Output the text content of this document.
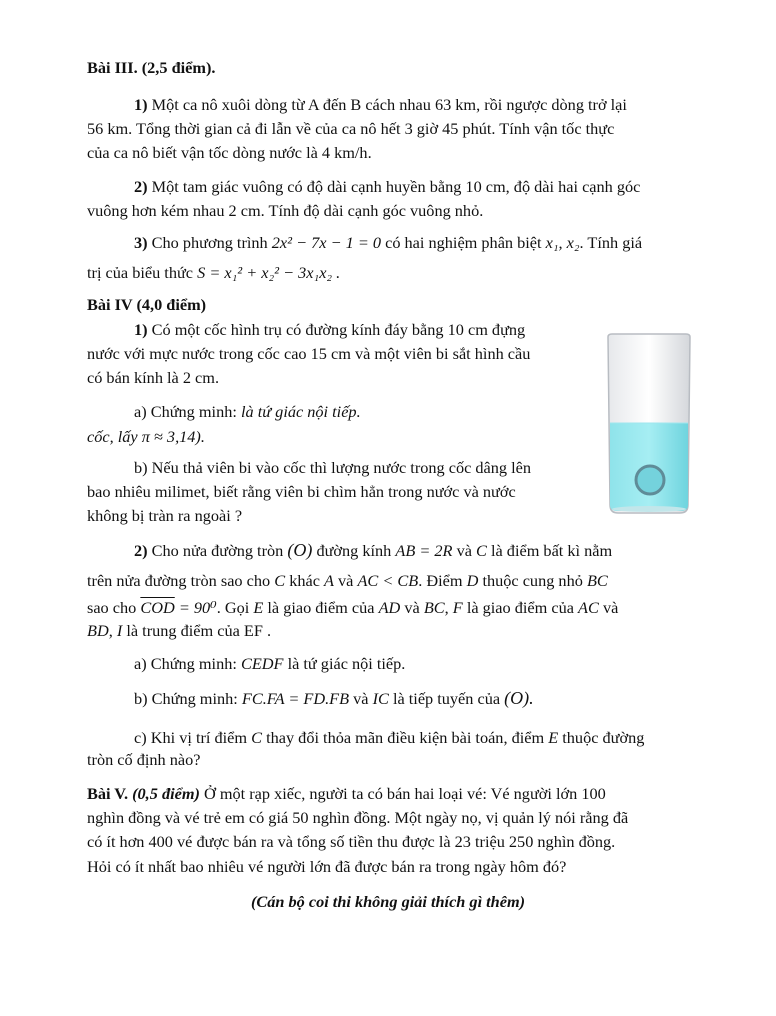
Bài III. (2,5 điểm).
1) Một ca nô xuôi dòng từ A đến B cách nhau 63 km, rồi ngược dòng trở lại
56 km. Tổng thời gian cả đi lẫn về của ca nô hết 3 giờ 45 phút. Tính vận tốc thực
của ca nô biết vận tốc dòng nước là 4 km/h.
2) Một tam giác vuông có độ dài cạnh huyền bằng 10 cm, độ dài hai cạnh góc
vuông hơn kém nhau 2 cm. Tính độ dài cạnh góc vuông nhỏ.
3) Cho phương trình 2x² − 7x − 1 = 0 có hai nghiệm phân biệt x₁, x₂. Tính giá
trị của biểu thức S = x₁² + x₂² − 3x₁x₂ .
Bài IV (4,0 điểm)
1) Có một cốc hình trụ có đường kính đáy bằng 10 cm đựng
nước với mực nước trong cốc cao 15 cm và một viên bi sắt hình cầu
có bán kính là 2 cm.
a) Chứng minh: là tứ giác nội tiếp.
cốc, lấy π ≈ 3,14).
b) Nếu thả viên bi vào cốc thì lượng nước trong cốc dâng lên
bao nhiêu milimet, biết rằng viên bi chìm hẳn trong nước và nước
không bị tràn ra ngoài ?
2) Cho nửa đường tròn (O) đường kính AB = 2R và C là điểm bất kì nằm
trên nửa đường tròn sao cho C khác A và AC < CB. Điểm D thuộc cung nhỏ BC
sao cho $\overline{COD} = 90^0$. Gọi E là giao điểm của AD và BC, F là giao điểm của AC và
BD, I là trung điểm của EF .
a) Chứng minh: CEDF là tứ giác nội tiếp.
b) Chứng minh: FC.FA = FD.FB và IC là tiếp tuyến của (O).
c) Khi vị trí điểm C thay đổi thỏa mãn điều kiện bài toán, điểm E thuộc đường
tròn cố định nào?
Bài V. (0,5 điểm) Ở một rạp xiếc, người ta có bán hai loại vé: Vé người lớn 100
nghìn đồng và vé trẻ em có giá 50 nghìn đồng. Một ngày nọ, vị quản lý nói rằng đã
có ít hơn 400 vé được bán ra và tổng số tiền thu được là 23 triệu 250 nghìn đồng.
Hỏi có ít nhất bao nhiêu vé người lớn đã được bán ra trong ngày hôm đó?
(Cán bộ coi thi không giải thích gì thêm)
